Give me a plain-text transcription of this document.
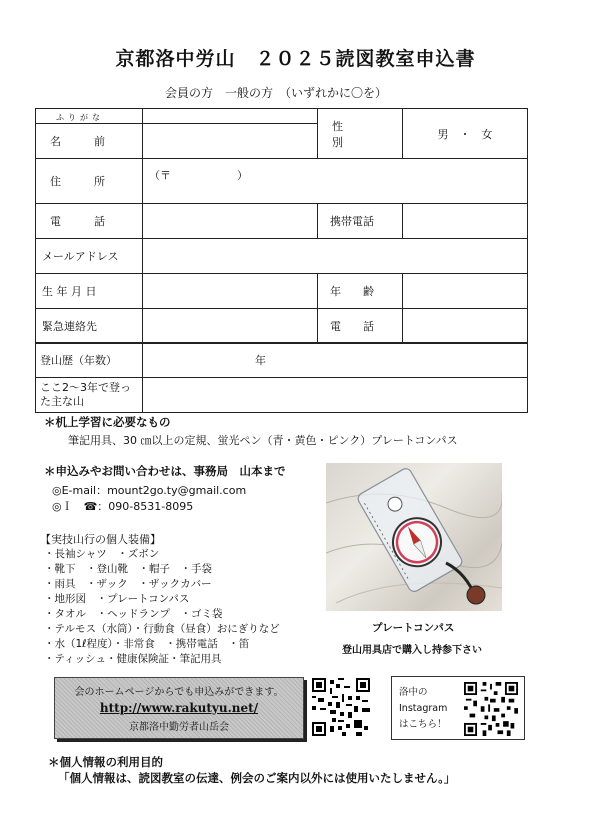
京都洛中労山　２０２５読図教室申込書
会員の方　一般の方　（いずれかに〇を）
ふりがな		性　　別	男　・　女
名　　　前			
住　　　所	（〒　　　　　　）		
電　　　話		携帯電話	
メールアドレス			
生 年 月 日		年　　齢	
緊急連絡先		電　　話	
登山歴（年数）	年
ここ2～3年で登った主な山	
＊机上学習に必要なもの
筆記用具、30 ㎝以上の定規、蛍光ペン（青・黄色・ピンク）プレートコンパス
＊申込みやお問い合わせは、事務局　山本まで
◎E-mail：mount2go.ty@gmail.com
◎Ｉ　☎：090-8531-8095
【実技山行の個人装備】
・長袖シャツ　・ズボン
・靴下　・登山靴　・帽子　・手袋
・雨具　・ザック　・ザックカバー
・地形図　・プレートコンパス
・タオル　・ヘッドランプ　・ゴミ袋
・テルモス（水筒）・行動食（昼食）おにぎりなど
・水（1ℓ程度）・非常食　・携帯電話　・笛
・ティッシュ・健康保険証・筆記用具
プレートコンパス
登山用具店で購入し持参下さい
会のホームページからでも申込みができます。
http://www.rakutyu.net/
京都洛中勤労者山岳会
洛中のInstagramはこちら！
＊個人情報の利用目的
「個人情報は、読図教室の伝達、例会のご案内以外には使用いたしません。」
